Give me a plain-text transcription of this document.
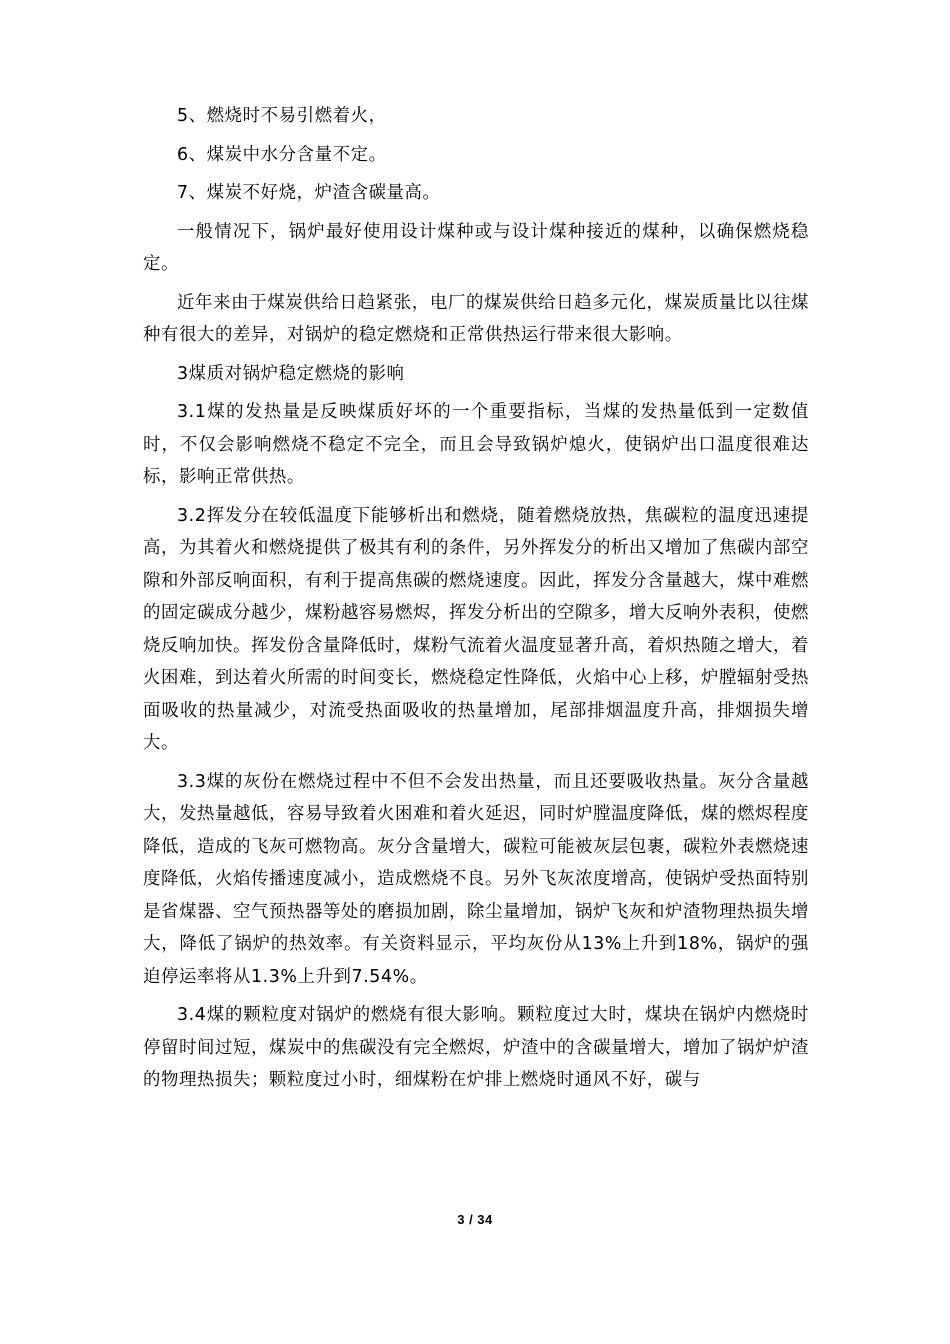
5、燃烧时不易引燃着火，

6、煤炭中水分含量不定。

7、煤炭不好烧，炉渣含碳量高。

一般情况下，锅炉最好使用设计煤种或与设计煤种接近的煤种，以确保燃烧稳定。

近年来由于煤炭供给日趋紧张，电厂的煤炭供给日趋多元化，煤炭质量比以往煤种有很大的差异，对锅炉的稳定燃烧和正常供热运行带来很大影响。

3煤质对锅炉稳定燃烧的影响

3.1煤的发热量是反映煤质好坏的一个重要指标，当煤的发热量低到一定数值时，不仅会影响燃烧不稳定不完全，而且会导致锅炉熄火，使锅炉出口温度很难达标，影响正常供热。

3.2挥发分在较低温度下能够析出和燃烧，随着燃烧放热，焦碳粒的温度迅速提高，为其着火和燃烧提供了极其有利的条件，另外挥发分的析出又增加了焦碳内部空隙和外部反响面积，有利于提高焦碳的燃烧速度。因此，挥发分含量越大，煤中难燃的固定碳成分越少，煤粉越容易燃烬，挥发分析出的空隙多，增大反响外表积，使燃烧反响加快。挥发份含量降低时，煤粉气流着火温度显著升高，着炽热随之增大，着火困难，到达着火所需的时间变长，燃烧稳定性降低，火焰中心上移，炉膛辐射受热面吸收的热量减少，对流受热面吸收的热量增加，尾部排烟温度升高，排烟损失增大。

3.3煤的灰份在燃烧过程中不但不会发出热量，而且还要吸收热量。灰分含量越大，发热量越低，容易导致着火困难和着火延迟，同时炉膛温度降低，煤的燃烬程度降低，造成的飞灰可燃物高。灰分含量增大，碳粒可能被灰层包裹，碳粒外表燃烧速度降低，火焰传播速度减小，造成燃烧不良。另外飞灰浓度增高，使锅炉受热面特别是省煤器、空气预热器等处的磨损加剧，除尘量增加，锅炉飞灰和炉渣物理热损失增大，降低了锅炉的热效率。有关资料显示，平均灰份从13%上升到18%，锅炉的强迫停运率将从1.3%上升到7.54%。

3.4煤的颗粒度对锅炉的燃烧有很大影响。颗粒度过大时，煤块在锅炉内燃烧时停留时间过短，煤炭中的焦碳没有完全燃烬，炉渣中的含碳量增大，增加了锅炉炉渣的物理热损失；颗粒度过小时，细煤粉在炉排上燃烧时通风不好，碳与

3 / 34
